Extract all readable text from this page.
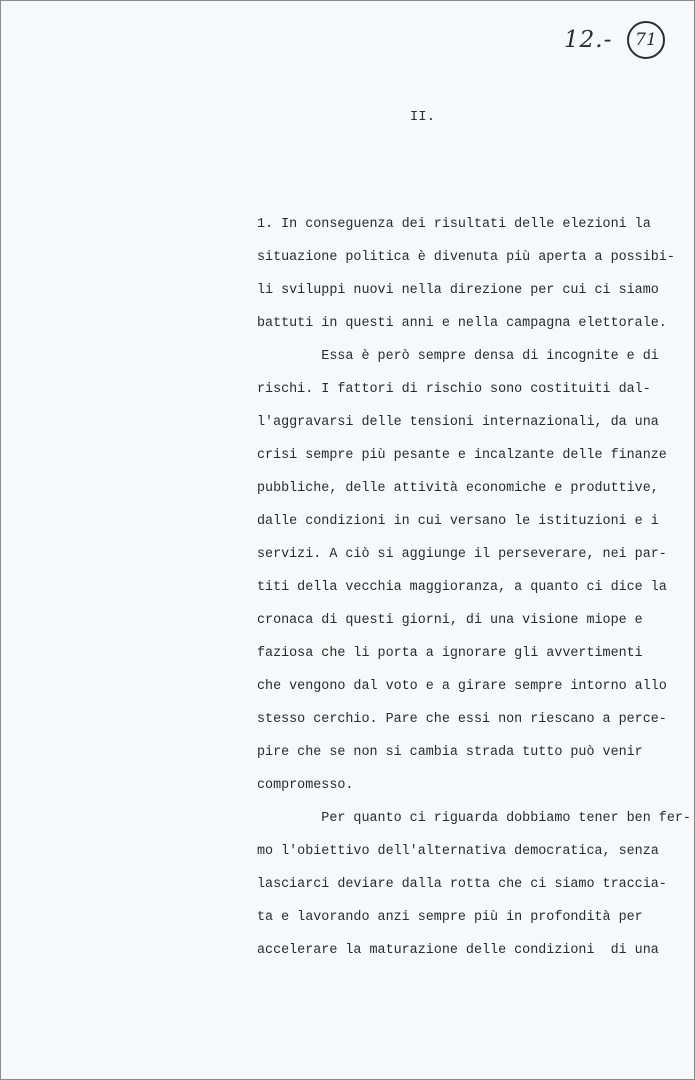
12.-	71
II.
1. In conseguenza dei risultati delle elezioni la
situazione politica è divenuta più aperta a possibi-
li sviluppi nuovi nella direzione per cui ci siamo
battuti in questi anni e nella campagna elettorale.
Essa è però sempre densa di incognite e di
rischi. I fattori di rischio sono costituiti dal-
l'aggravarsi delle tensioni internazionali, da una
crisi sempre più pesante e incalzante delle finanze
pubbliche, delle attività economiche e produttive,
dalle condizioni in cui versano le istituzioni e i
servizi. A ciò si aggiunge il perseverare, nei par-
titi della vecchia maggioranza, a quanto ci dice la
cronaca di questi giorni, di una visione miope e
faziosa che li porta a ignorare gli avvertimenti
che vengono dal voto e a girare sempre intorno allo
stesso cerchio. Pare che essi non riescano a perce-
pire che se non si cambia strada tutto può venir
compromesso.
Per quanto ci riguarda dobbiamo tener ben fer-
mo l'obiettivo dell'alternativa democratica, senza
lasciarci deviare dalla rotta che ci siamo traccia-
ta e lavorando anzi sempre più in profondità per
accelerare la maturazione delle condizioni  di una
